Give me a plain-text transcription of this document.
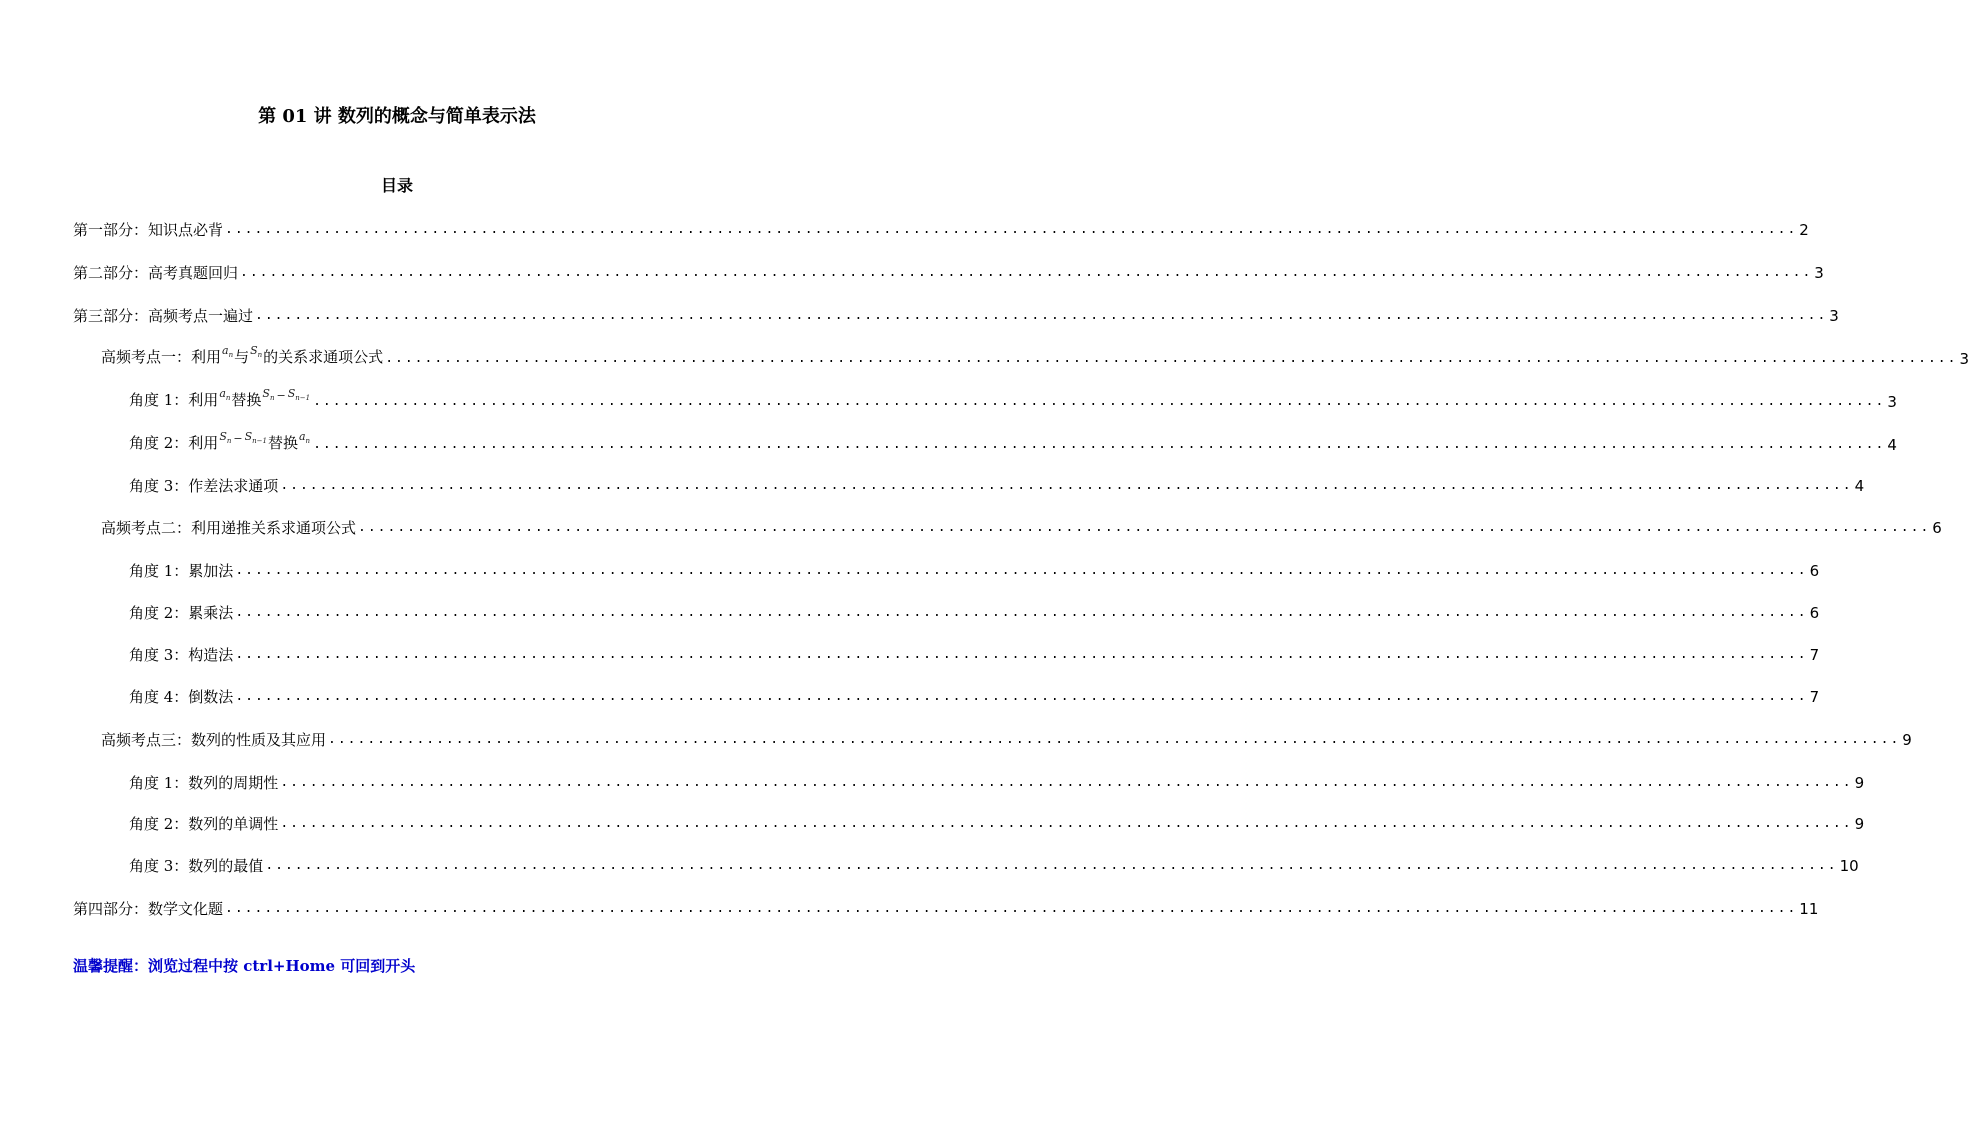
第 01 讲 数列的概念与简单表示法
目录
第一部分：知识点必背 ................................................................................................................................................................ 2
第二部分：高考真题回归 ................................................................................................................................................................ 3
第三部分：高频考点一遍过 ................................................................................................................................................................ 3
高频考点一：利用 $a_n$ 与 $S_n$ 的关系求通项公式 ................................................................................................................................................................ 3
角度 1：利用 $a_n$ 替换 $S_n - S_{n-1}$ ................................................................................................................................................................ 3
角度 2：利用 $S_n - S_{n-1}$ 替换 $a_n$ ................................................................................................................................................................ 4
角度 3：作差法求通项 ................................................................................................................................................................ 4
高频考点二：利用递推关系求通项公式 ................................................................................................................................................................ 6
角度 1：累加法 ................................................................................................................................................................ 6
角度 2：累乘法 ................................................................................................................................................................ 6
角度 3：构造法 ................................................................................................................................................................ 7
角度 4：倒数法 ................................................................................................................................................................ 7
高频考点三：数列的性质及其应用 ................................................................................................................................................................ 9
角度 1：数列的周期性 ................................................................................................................................................................ 9
角度 2：数列的单调性 ................................................................................................................................................................ 9
角度 3：数列的最值 ................................................................................................................................................................ 10
第四部分：数学文化题 ................................................................................................................................................................ 11
温馨提醒：浏览过程中按 ctrl+Home 可回到开头
